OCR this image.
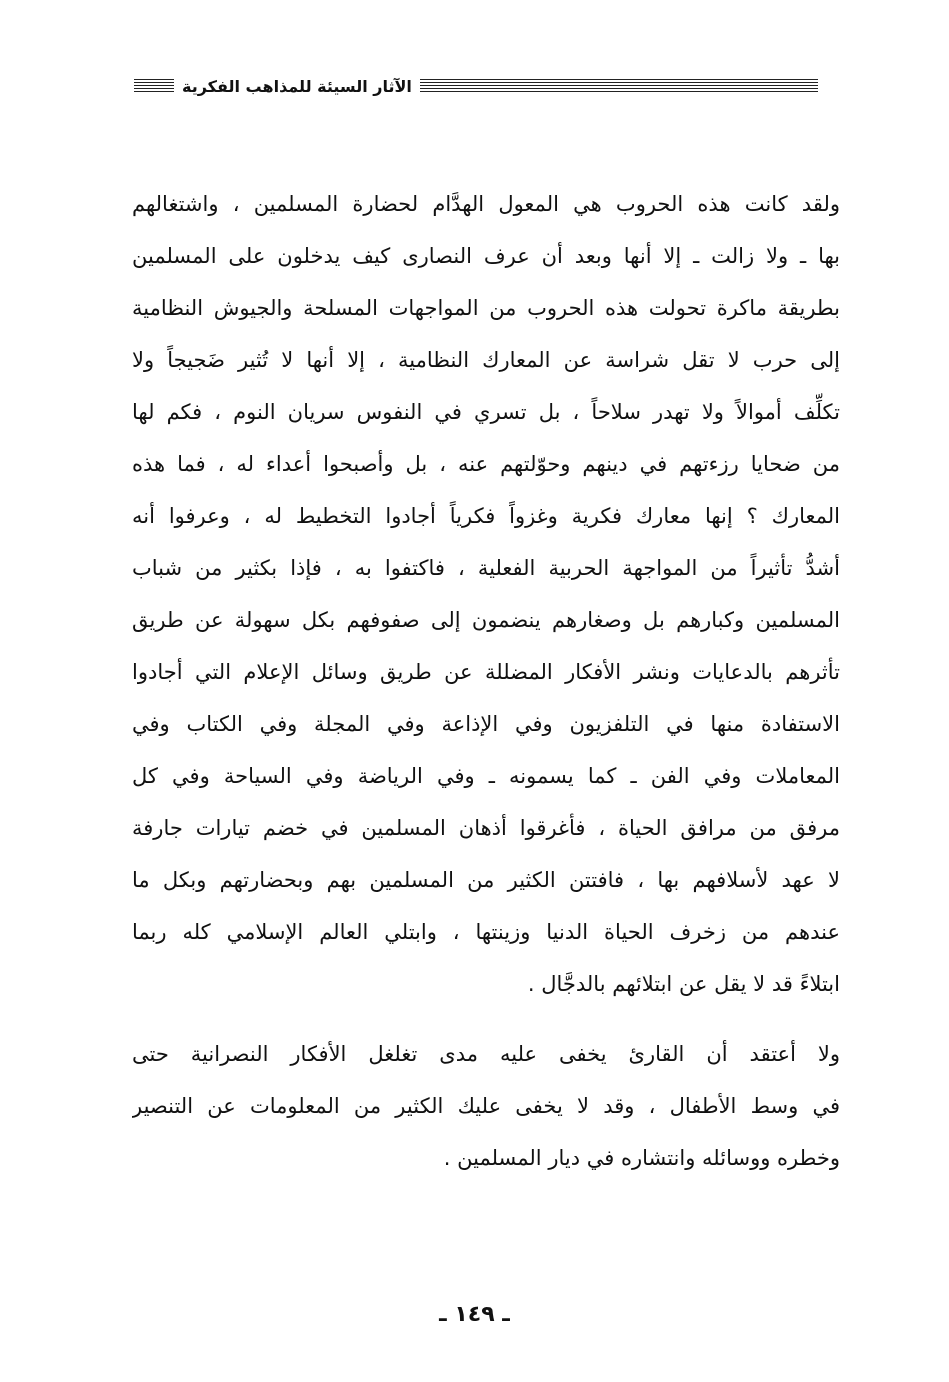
الآثار السيئة للمذاهب الفكرية

ولقد كانت هذه الحروب هي المعول الهدَّام لحضارة المسلمين ، واشتغالهم
بها ـ ولا زالت ـ إلا أنها وبعد أن عرف النصارى كيف يدخلون على المسلمين
بطريقة ماكرة تحولت هذه الحروب من المواجهات المسلحة والجيوش النظامية
إلى حرب لا تقل شراسة عن المعارك النظامية ، إلا أنها لا تُثير ضَجيجاً ولا
تكلِّف أموالاً ولا تهدر سلاحاً ، بل تسري في النفوس سريان النوم ، فكم لها
من ضحايا رزءتهم في دينهم وحوّلتهم عنه ، بل وأصبحوا أعداء له ، فما هذه
المعارك ؟ إنها معارك فكرية وغزواً فكرياً أجادوا التخطيط له ، وعرفوا أنه
أشدُّ تأثيراً من المواجهة الحربية الفعلية ، فاكتفوا به ، فإذا بكثير من شباب
المسلمين وكبارهم بل وصغارهم ينضمون إلى صفوفهم بكل سهولة عن طريق
تأثرهم بالدعايات ونشر الأفكار المضللة عن طريق وسائل الإعلام التي أجادوا
الاستفادة منها في التلفزيون وفي الإذاعة وفي المجلة وفي الكتاب وفي
المعاملات وفي الفن ـ كما يسمونه ـ وفي الرياضة وفي السياحة وفي كل
مرفق من مرافق الحياة ، فأغرقوا أذهان المسلمين في خضم تيارات جارفة
لا عهد لأسلافهم بها ، فافتتن الكثير من المسلمين بهم وبحضارتهم وبكل ما
عندهم من زخرف الحياة الدنيا وزينتها ، وابتلي العالم الإسلامي كله ربما
ابتلاءً قد لا يقل عن ابتلائهم بالدجَّال .

ولا أعتقد أن القارئ يخفى عليه مدى تغلغل الأفكار النصرانية حتى
في وسط الأطفال ، وقد لا يخفى عليك الكثير من المعلومات عن التنصير
وخطره ووسائله وانتشاره في ديار المسلمين .

ـ ١٤٩ ـ
